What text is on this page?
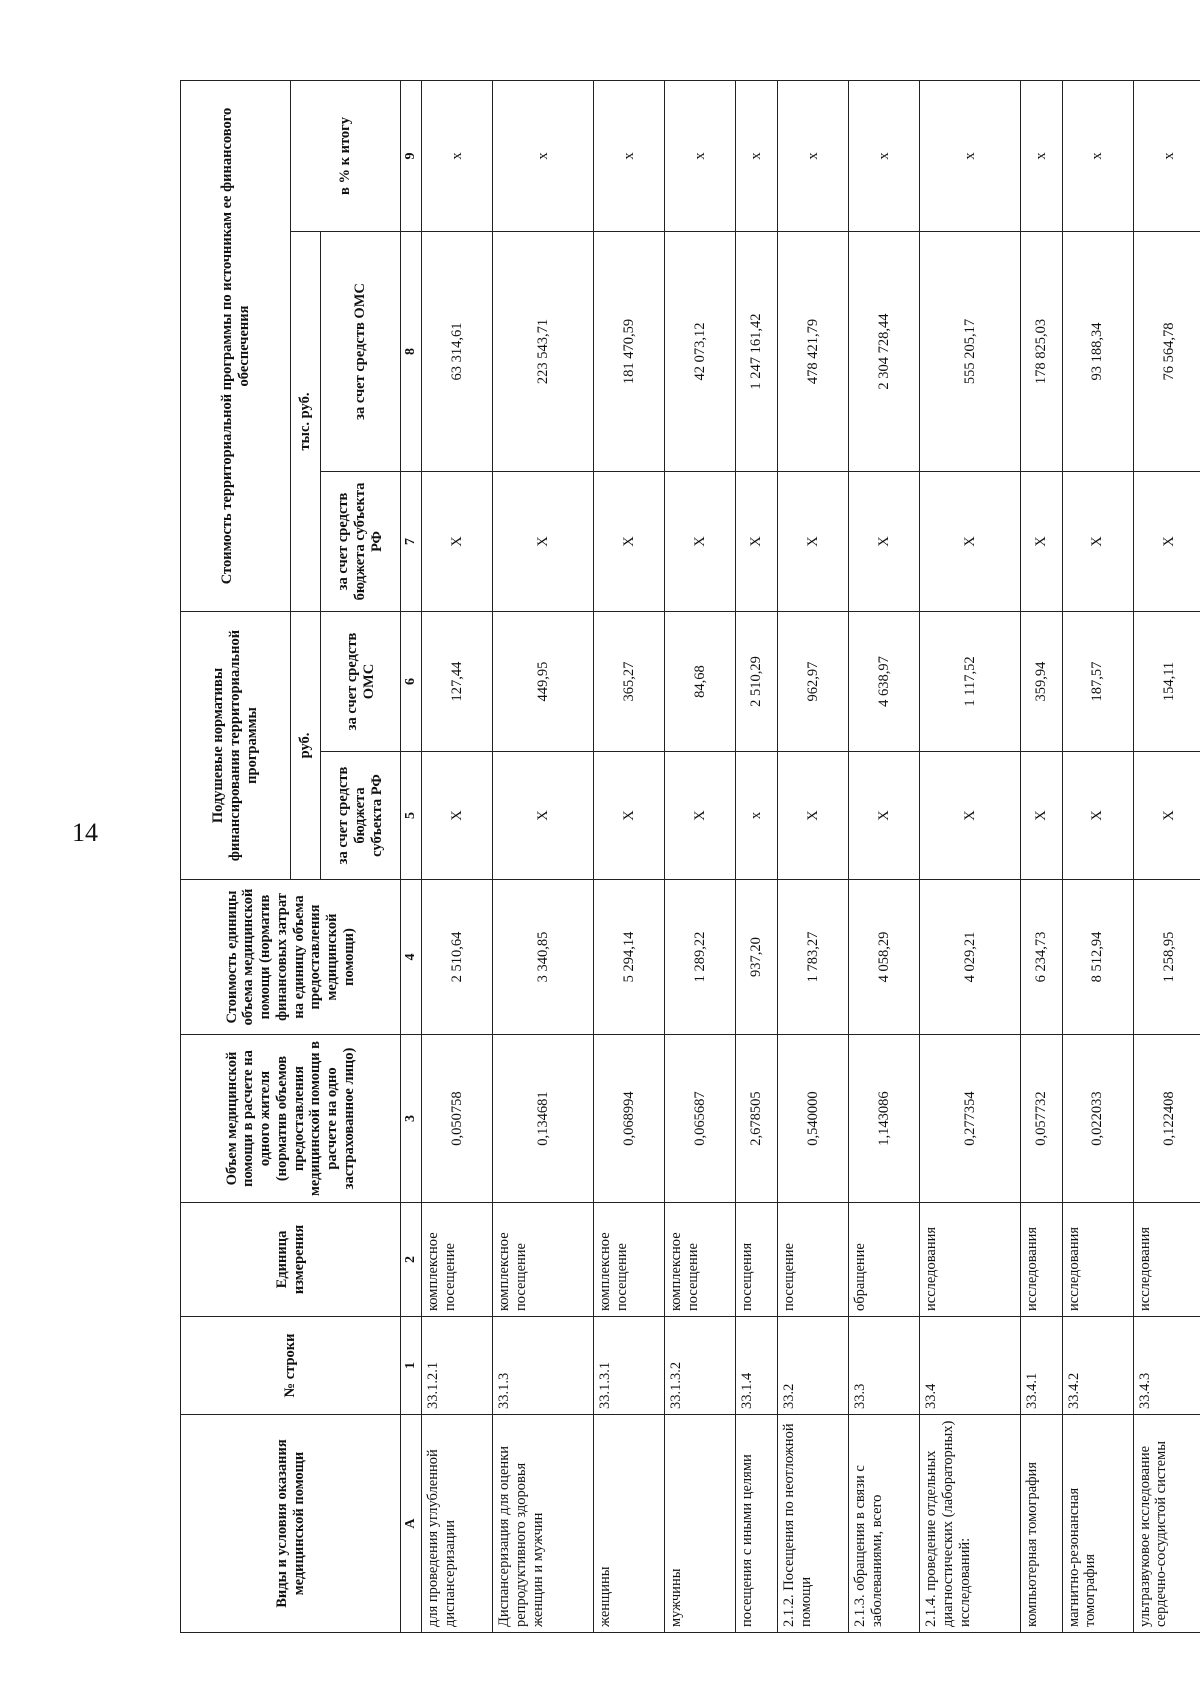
14
Виды и условия оказания медицинской помощи	№ строки	Единица измерения	Объем медицинской помощи в расчете на одного жителя (норматив объемов предоставления медицинской помощи в расчете на одно застрахованное лицо)	Стоимость единицы объема медицинской помощи (норматив финансовых затрат на единицу объема предоставления медицинской помощи)	Подушевые нормативы финансирования территориальной программы		Стоимость территориальной программы по источникам ее финансового обеспечения		
					руб.		тыс. руб.		в % к итогу
					за счет средств бюджета субъекта РФ	за счет средств ОМС	за счет средств бюджета субъекта РФ	за счет средств ОМС	
А	1	2	3	4	5	6	7	8	9
для проведения углубленной диспансеризации	33.1.2.1	комплексное посещение	0,050758	2 510,64	X	127,44	X	63 314,61	x
Диспансеризация для оценки репродуктивного здоровья женщин и мужчин	33.1.3	комплексное посещение	0,134681	3 340,85	X	449,95	X	223 543,71	x
женщины	33.1.3.1	комплексное посещение	0,068994	5 294,14	X	365,27	X	181 470,59	x
мужчины	33.1.3.2	комплексное посещение	0,065687	1 289,22	X	84,68	X	42 073,12	x
посещения с иными целями	33.1.4	посещения	2,678505	937,20	x	2 510,29	X	1 247 161,42	x
2.1.2. Посещения по неотложной помощи	33.2	посещение	0,540000	1 783,27	X	962,97	X	478 421,79	x
2.1.3. обращения в связи с заболеваниями, всего	33.3	обращение	1,143086	4 058,29	X	4 638,97	X	2 304 728,44	x
2.1.4. проведение отдельных диагностических (лабораторных) исследований:	33.4	исследования	0,277354	4 029,21	X	1 117,52	X	555 205,17	x
компьютерная томография	33.4.1	исследования	0,057732	6 234,73	X	359,94	X	178 825,03	x
магнитно-резонансная томография	33.4.2	исследования	0,022033	8 512,94	X	187,57	X	93 188,34	x
ультразвуковое исследование сердечно-сосудистой системы	33.4.3	исследования	0,122408	1 258,95	X	154,11	X	76 564,78	x
